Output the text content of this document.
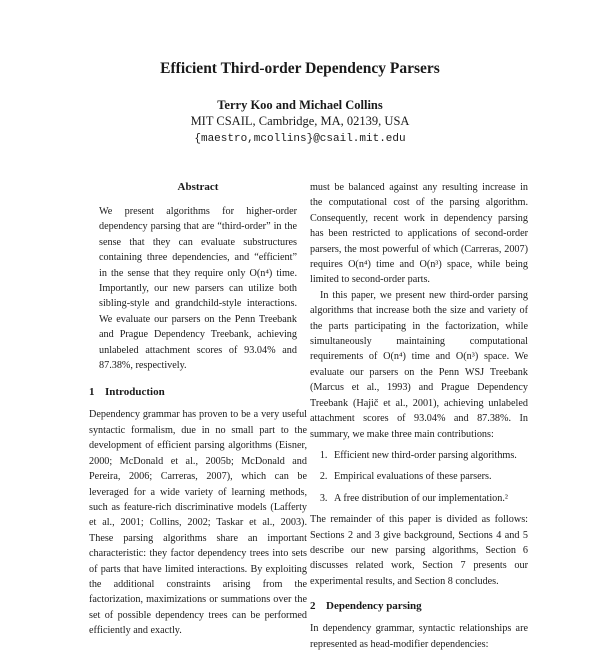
Efficient Third-order Dependency Parsers
Terry Koo and Michael Collins
MIT CSAIL, Cambridge, MA, 02139, USA
{maestro,mcollins}@csail.mit.edu
Abstract

We present algorithms for higher-order dependency parsing that are “third-order” in the sense that they can evaluate substructures containing three dependencies, and “efficient” in the sense that they require only O(n⁴) time. Importantly, our new parsers can utilize both sibling-style and grandchild-style interactions. We evaluate our parsers on the Penn Treebank and Prague Dependency Treebank, achieving unlabeled attachment scores of 93.04% and 87.38%, respectively.

1 Introduction

Dependency grammar has proven to be a very useful syntactic formalism, due in no small part to the development of efficient parsing algorithms (Eisner, 2000; McDonald et al., 2005b; McDonald and Pereira, 2006; Carreras, 2007), which can be leveraged for a wide variety of learning methods, such as feature-rich discriminative models (Lafferty et al., 2001; Collins, 2002; Taskar et al., 2003). These parsing algorithms share an important characteristic: they factor dependency trees into sets of parts that have limited interactions. By exploiting the additional constraints arising from the factorization, maximizations or summations over the set of possible dependency trees can be performed efficiently and exactly.

must be balanced against any resulting increase in the computational cost of the parsing algorithm. Consequently, recent work in dependency parsing has been restricted to applications of second-order parsers, the most powerful of which (Carreras, 2007) requires O(n⁴) time and O(n³) space, while being limited to second-order parts.

In this paper, we present new third-order parsing algorithms that increase both the size and variety of the parts participating in the factorization, while simultaneously maintaining computational requirements of O(n⁴) time and O(n³) space. We evaluate our parsers on the Penn WSJ Treebank (Marcus et al., 1993) and Prague Dependency Treebank (Hajič et al., 2001), achieving unlabeled attachment scores of 93.04% and 87.38%. In summary, we make three main contributions:

1. Efficient new third-order parsing algorithms.
2. Empirical evaluations of these parsers.
3. A free distribution of our implementation.²

The remainder of this paper is divided as follows: Sections 2 and 3 give background, Sections 4 and 5 describe our new parsing algorithms, Section 6 discusses related work, Section 7 presents our experimental results, and Section 8 concludes.

2 Dependency parsing

In dependency grammar, syntactic relationships are represented as head-modifier dependencies:
